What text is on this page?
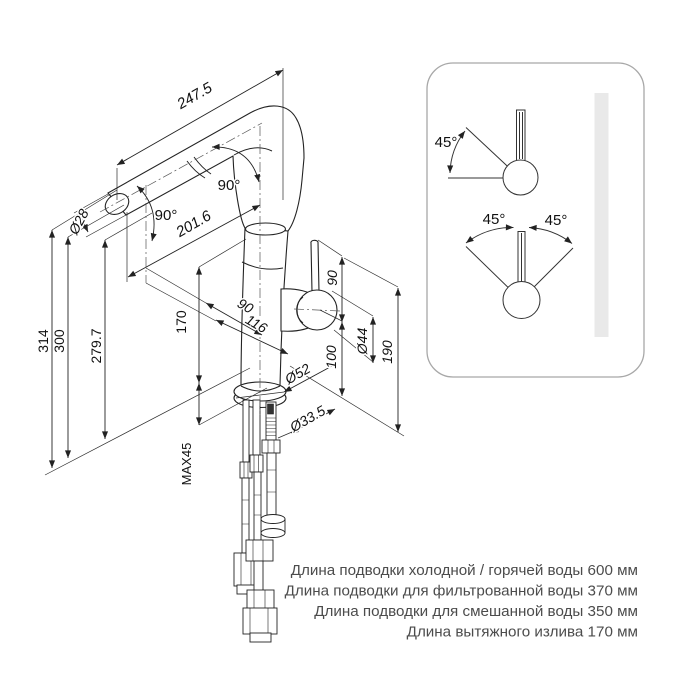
247.5
90°
90°
201.6
Ø28
314 300 279.7
170
90
116
90
Ø44
100	190
Ø52
Ø33.5
MAX45
45°
45°	45°
Длина подводки холодной / горячей воды 600 мм
Длина подводки для фильтрованной воды 370 мм
Длина подводки для смешанной воды 350 мм
Длина вытяжного излива 170 мм
